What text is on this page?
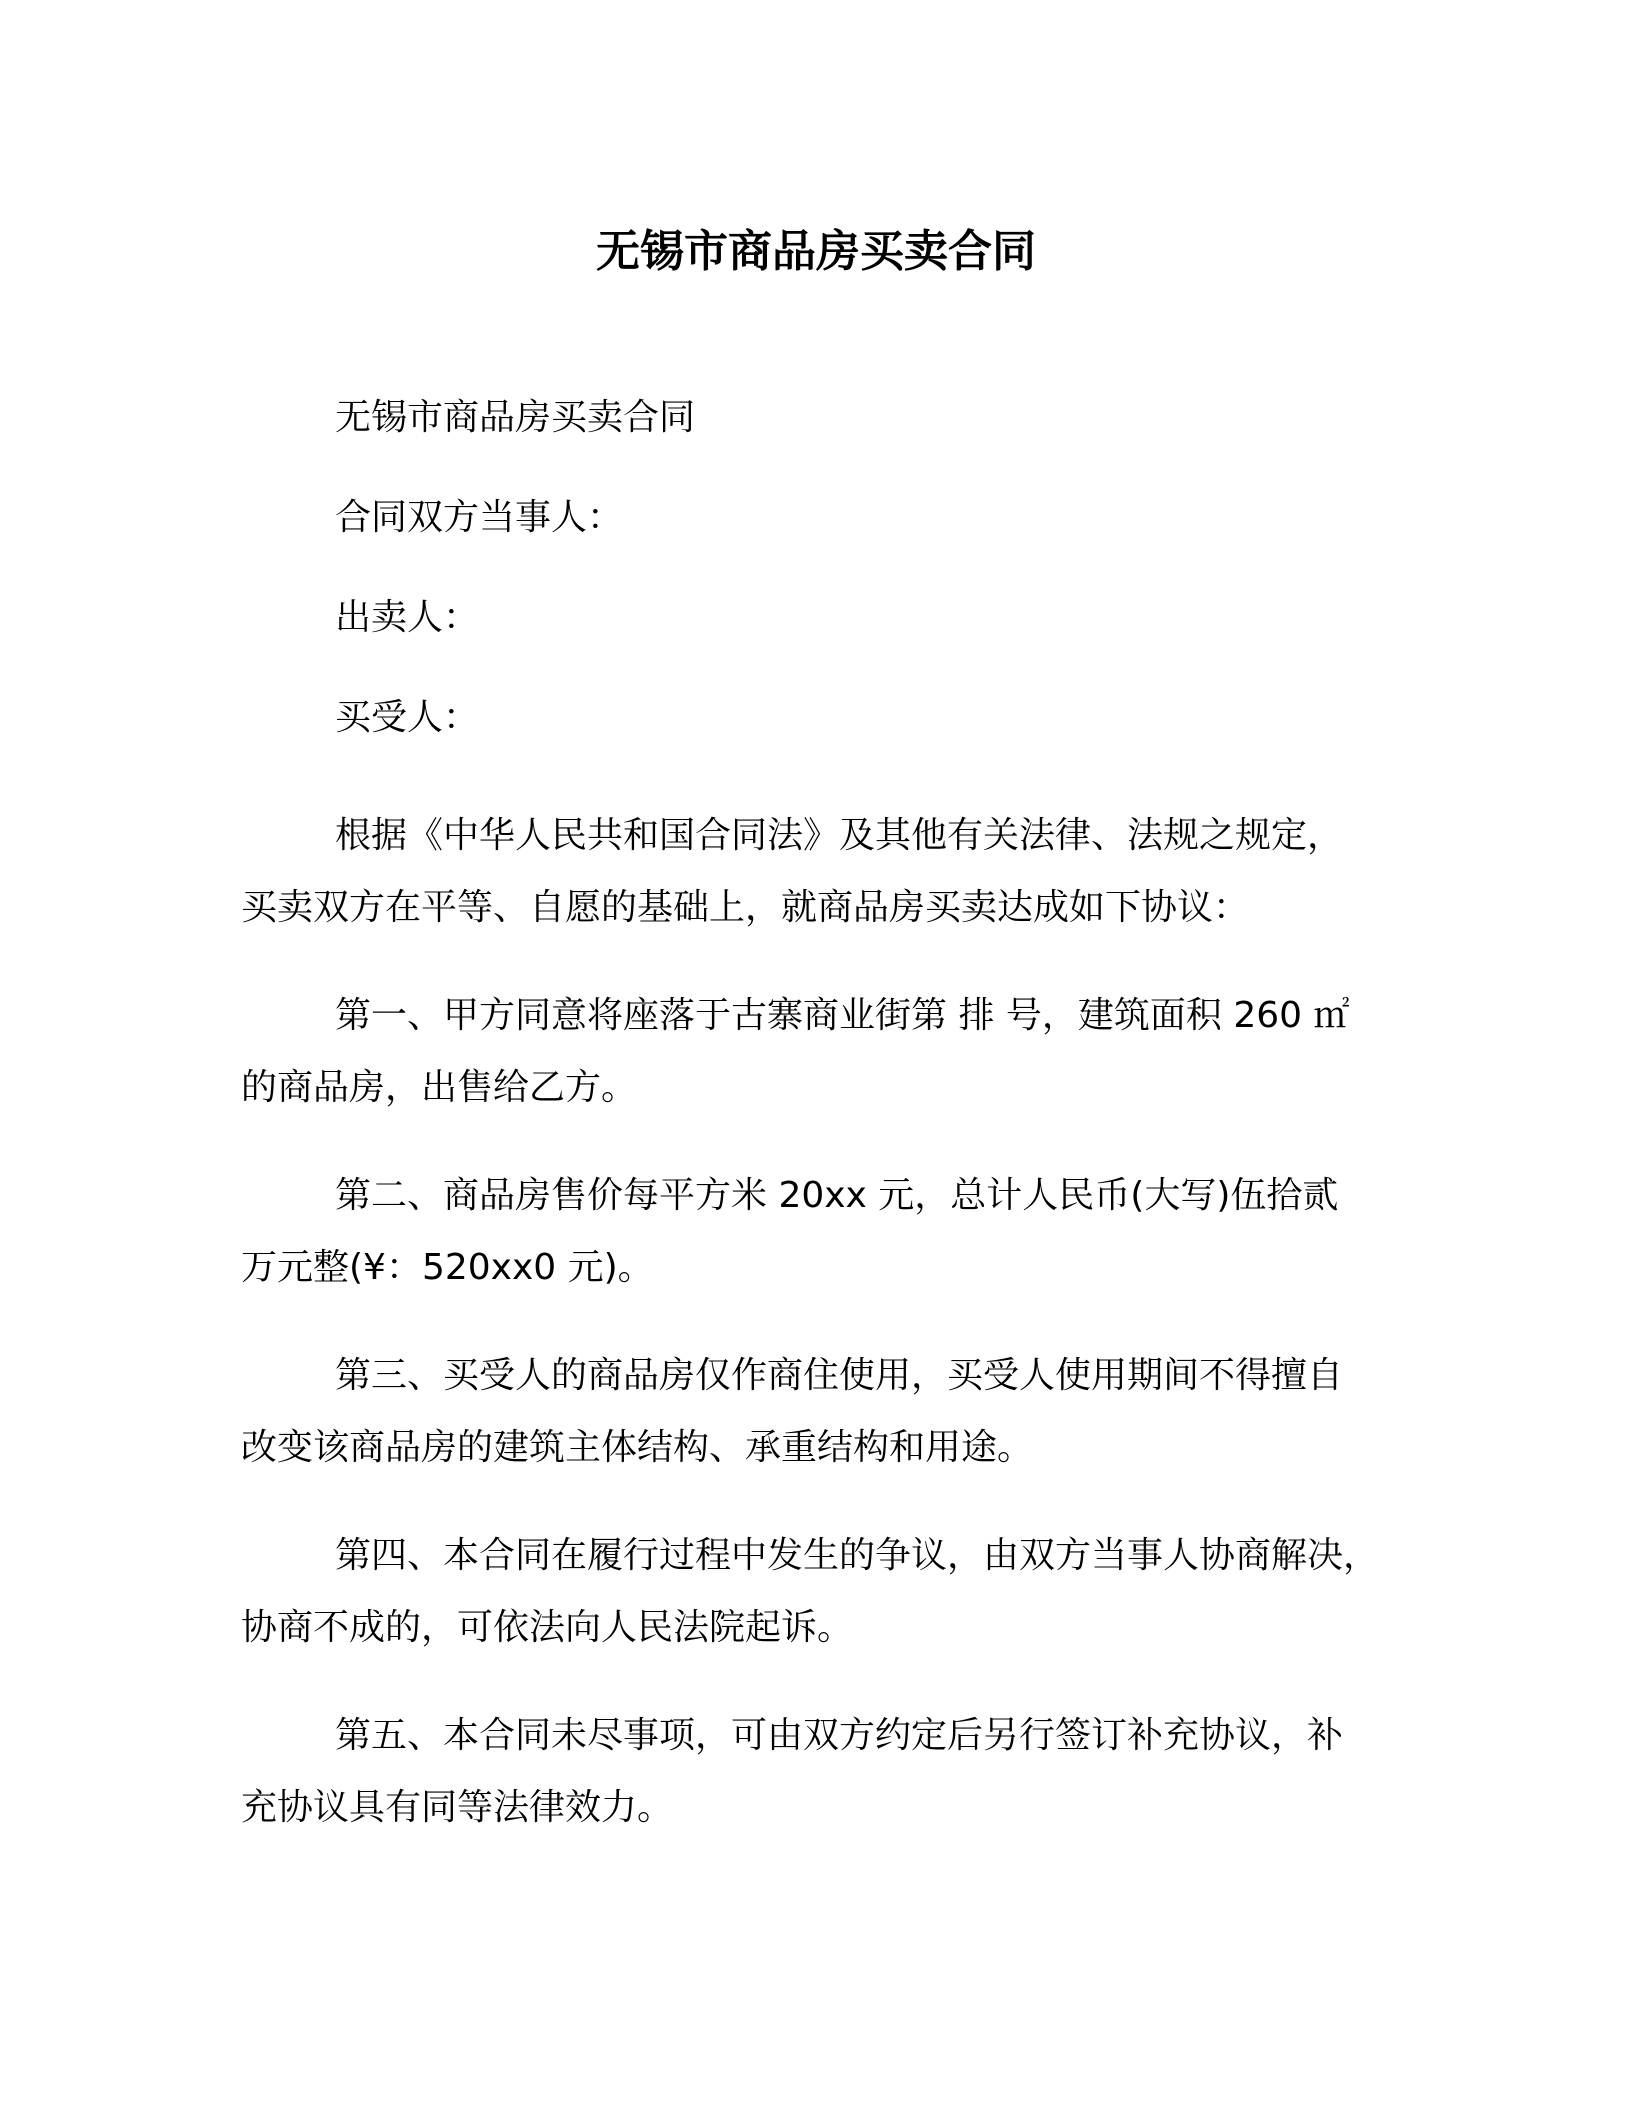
无锡市商品房买卖合同
无锡市商品房买卖合同
合同双方当事人：
出卖人：
买受人：
根据《中华人民共和国合同法》及其他有关法律、法规之规定，
买卖双方在平等、自愿的基础上，就商品房买卖达成如下协议：
第一、甲方同意将座落于古寨商业街第 排 号，建筑面积 260 ㎡
的商品房，出售给乙方。
第二、商品房售价每平方米 20xx 元，总计人民币(大写)伍拾贰
万元整(¥：520xx0 元)。
第三、买受人的商品房仅作商住使用，买受人使用期间不得擅自
改变该商品房的建筑主体结构、承重结构和用途。
第四、本合同在履行过程中发生的争议，由双方当事人协商解决，
协商不成的，可依法向人民法院起诉。
第五、本合同未尽事项，可由双方约定后另行签订补充协议，补
充协议具有同等法律效力。
